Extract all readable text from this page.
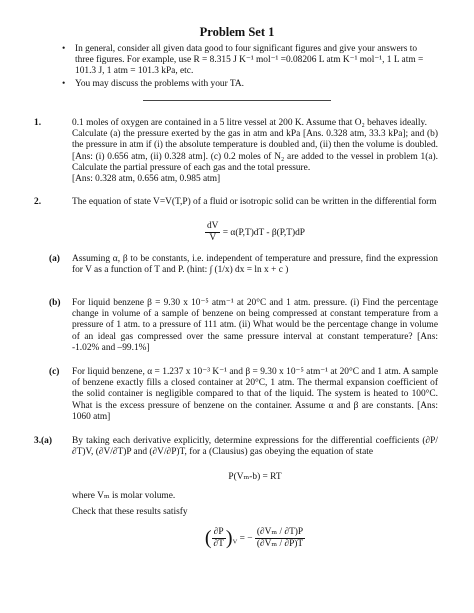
Problem Set 1
• In general, consider all given data good to four significant figures and give your answers to three figures. For example, use R = 8.315 J K⁻¹ mol⁻¹ =0.08206 L atm K⁻¹ mol⁻¹, 1 L atm = 101.3 J, 1 atm = 101.3 kPa, etc.
• You may discuss the problems with your TA.
1.	0.1 moles of oxygen are contained in a 5 litre vessel at 200 K. Assume that O₂ behaves ideally.
Calculate (a) the pressure exerted by the gas in atm and kPa [Ans. 0.328 atm, 33.3 kPa]; and (b) the pressure in atm if (i) the absolute temperature is doubled and, (ii) then the volume is doubled. [Ans: (i) 0.656 atm, (ii) 0.328 atm]. (c) 0.2 moles of N₂ are added to the vessel in problem 1(a). Calculate the partial pressure of each gas and the total pressure.
[Ans: 0.328 atm, 0.656 atm, 0.985 atm]
2.	The equation of state V=V(T,P) of a fluid or isotropic solid can be written in the differential form
$\frac{dV}{V} = \alpha(P,T)dT - \beta(P,T)dP$
(a) Assuming α, β to be constants, i.e. independent of temperature and pressure, find the expression for V as a function of T and P. (hint: ∫ (1/x) dx = ln x + c )
(b) For liquid benzene β = 9.30 x 10⁻⁵ atm⁻¹ at 20°C and 1 atm. pressure. (i) Find the percentage change in volume of a sample of benzene on being compressed at constant temperature from a pressure of 1 atm. to a pressure of 111 atm. (ii) What would be the percentage change in volume of an ideal gas compressed over the same pressure interval at constant temperature? [Ans: -1.02% and –99.1%]
(c) For liquid benzene, α = 1.237 x 10⁻³ K⁻¹ and β = 9.30 x 10⁻⁵ atm⁻¹ at 20°C and 1 atm. A sample of benzene exactly fills a closed container at 20°C, 1 atm. The thermal expansion coefficient of the solid container is negligible compared to that of the liquid. The system is heated to 100°C. What is the excess pressure of benzene on the container. Assume α and β are constants. [Ans: 1060 atm]
3.(a) By taking each derivative explicitly, determine expressions for the differential coefficients (∂P/∂T)V, (∂V/∂T)P and (∂V/∂P)T, for a (Clausius) gas obeying the equation of state
P(Vₘ-b) = RT
where Vₘ is molar volume.
Check that these results satisfy
( $\frac{\partial P}{\partial T} )_V$ = − $\frac{\text{(∂Vₘ / ∂T)P}}{\text{(∂Vₘ / ∂P)T}}$
